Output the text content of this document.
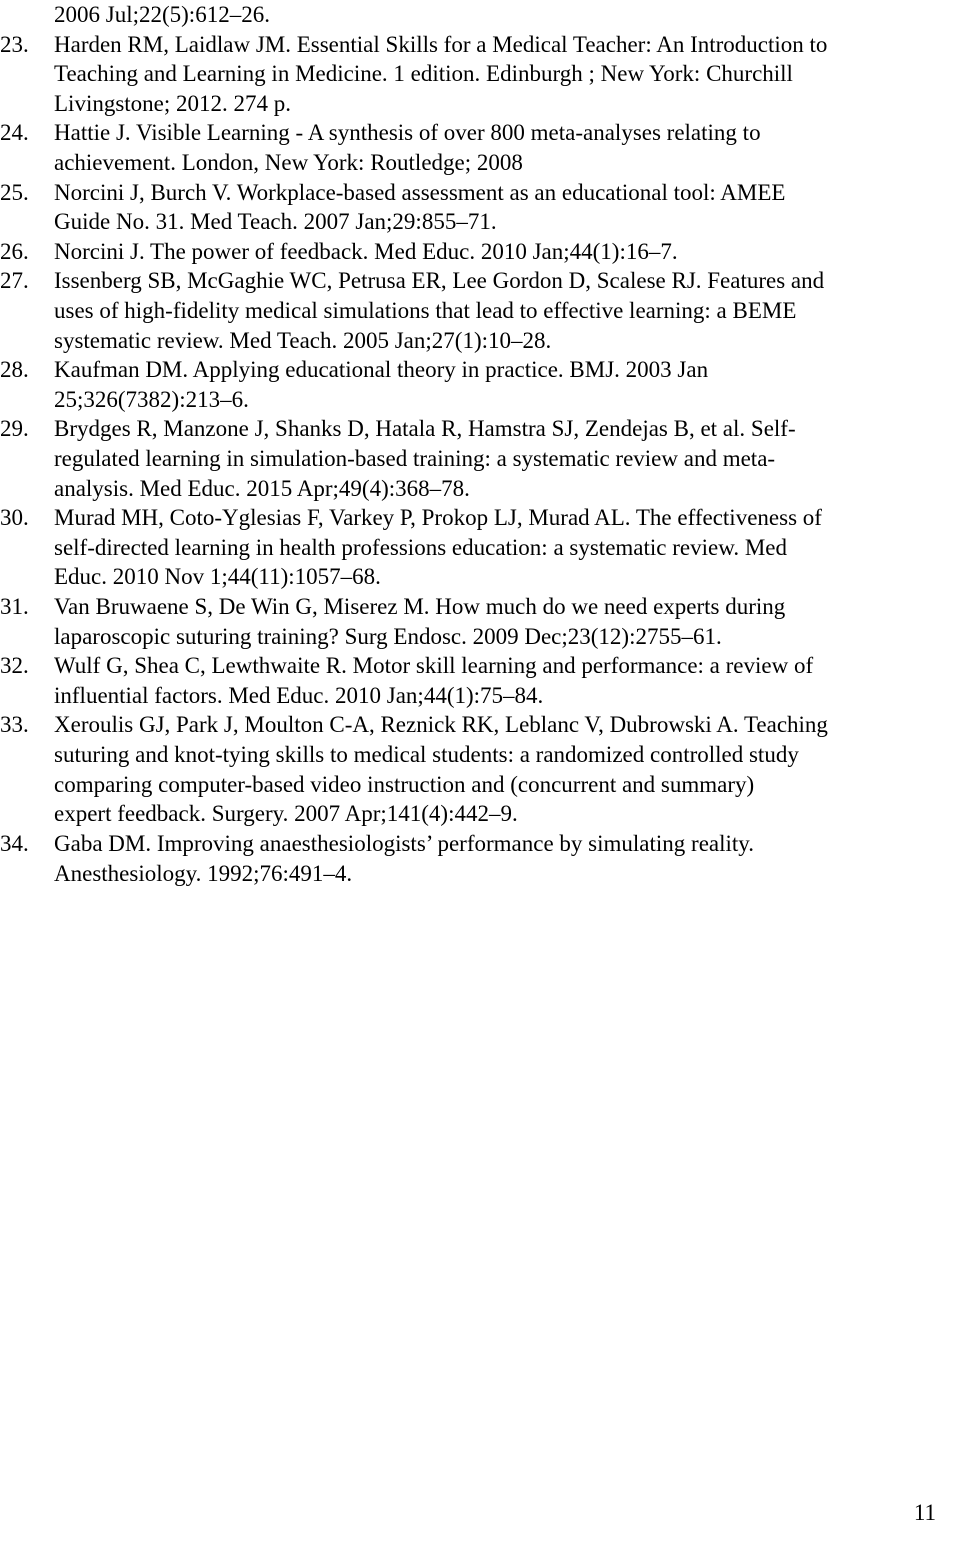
2006 Jul;22(5):612–26.
23.	Harden RM, Laidlaw JM. Essential Skills for a Medical Teacher: An Introduction to
Teaching and Learning in Medicine. 1 edition. Edinburgh ; New York: Churchill
Livingstone; 2012. 274 p.
24.	Hattie J. Visible Learning - A synthesis of over 800 meta-analyses relating to
achievement. London, New York: Routledge; 2008
25.	Norcini J, Burch V. Workplace-based assessment as an educational tool: AMEE
Guide No. 31. Med Teach. 2007 Jan;29:855–71.
26.	Norcini J. The power of feedback. Med Educ. 2010 Jan;44(1):16–7.
27.	Issenberg SB, McGaghie WC, Petrusa ER, Lee Gordon D, Scalese RJ. Features and
uses of high-fidelity medical simulations that lead to effective learning: a BEME
systematic review. Med Teach. 2005 Jan;27(1):10–28.
28.	Kaufman DM. Applying educational theory in practice. BMJ. 2003 Jan
25;326(7382):213–6.
29.	Brydges R, Manzone J, Shanks D, Hatala R, Hamstra SJ, Zendejas B, et al. Self-
regulated learning in simulation-based training: a systematic review and meta-
analysis. Med Educ. 2015 Apr;49(4):368–78.
30.	Murad MH, Coto-Yglesias F, Varkey P, Prokop LJ, Murad AL. The effectiveness of
self-directed learning in health professions education: a systematic review. Med
Educ. 2010 Nov 1;44(11):1057–68.
31.	Van Bruwaene S, De Win G, Miserez M. How much do we need experts during
laparoscopic suturing training? Surg Endosc. 2009 Dec;23(12):2755–61.
32.	Wulf G, Shea C, Lewthwaite R. Motor skill learning and performance: a review of
influential factors. Med Educ. 2010 Jan;44(1):75–84.
33.	Xeroulis GJ, Park J, Moulton C-A, Reznick RK, Leblanc V, Dubrowski A. Teaching
suturing and knot-tying skills to medical students: a randomized controlled study
comparing computer-based video instruction and (concurrent and summary)
expert feedback. Surgery. 2007 Apr;141(4):442–9.
34.	Gaba DM. Improving anaesthesiologists’ performance by simulating reality.
Anesthesiology. 1992;76:491–4.
11
